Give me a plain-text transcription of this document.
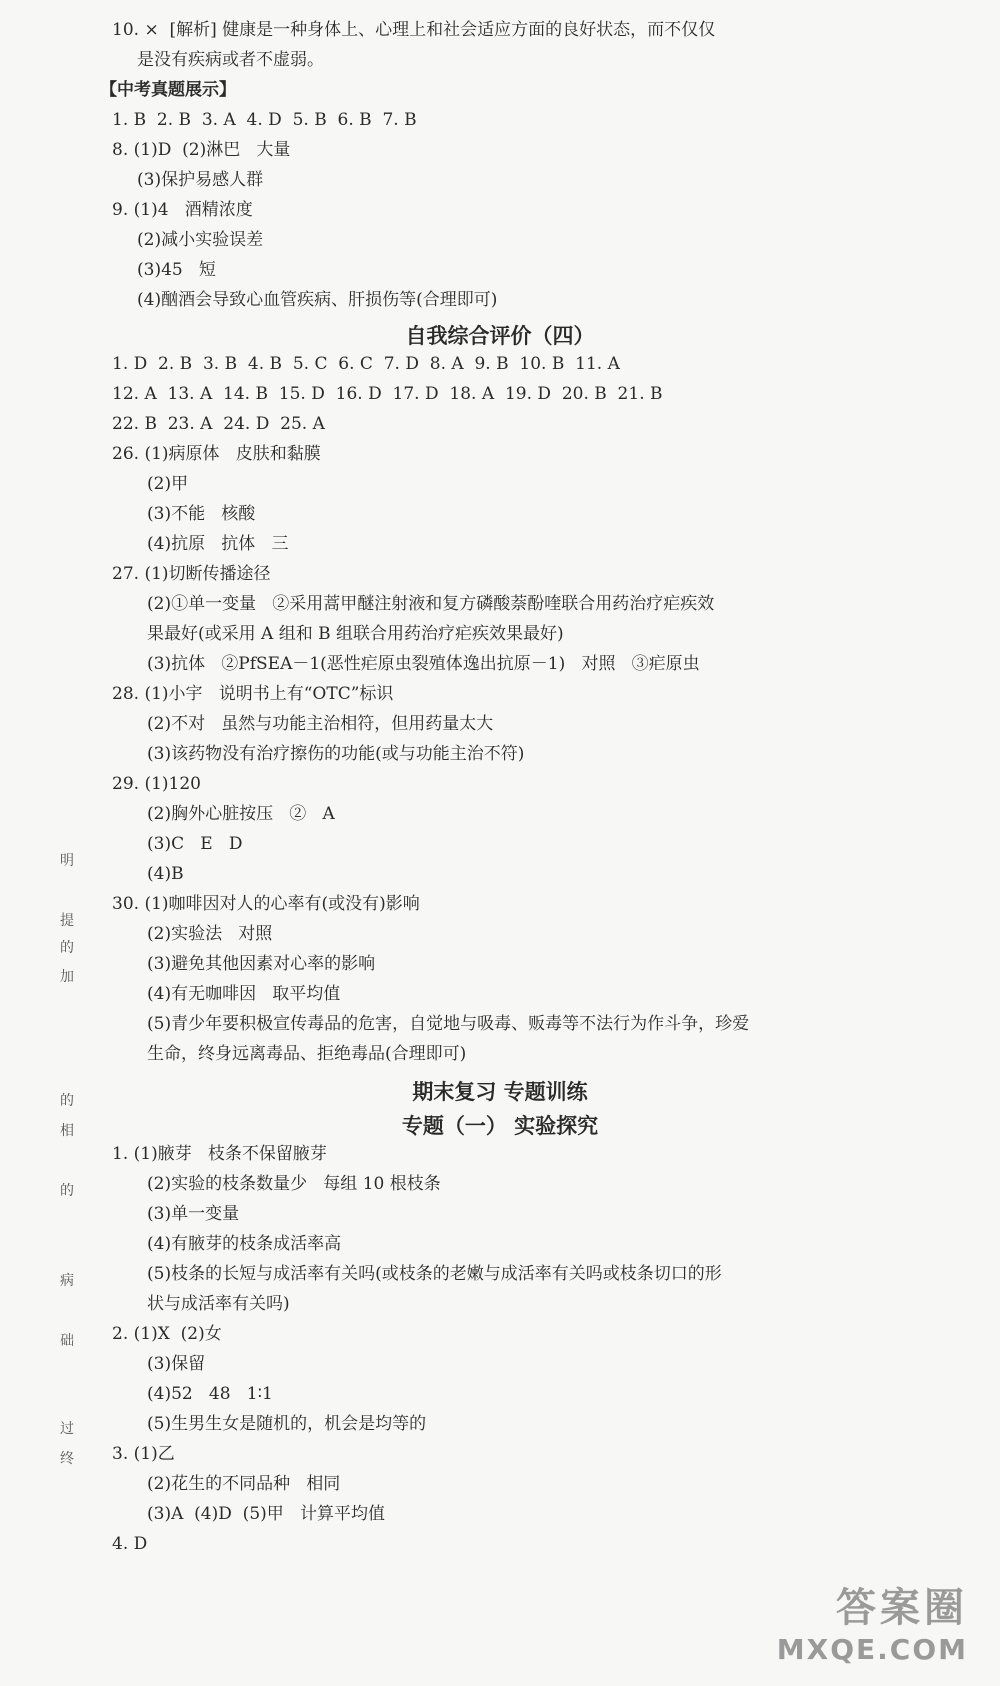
10. ×  [解析] 健康是一种身体上、心理上和社会适应方面的良好状态，而不仅仅
是没有疾病或者不虚弱。
【中考真题展示】
1. B  2. B  3. A  4. D  5. B  6. B  7. B
8. (1)D  (2)淋巴   大量
(3)保护易感人群
9. (1)4   酒精浓度
(2)减小实验误差
(3)45   短
(4)酗酒会导致心血管疾病、肝损伤等(合理即可)
自我综合评价（四）
1. D  2. B  3. B  4. B  5. C  6. C  7. D  8. A  9. B  10. B  11. A
12. A  13. A  14. B  15. D  16. D  17. D  18. A  19. D  20. B  21. B
22. B  23. A  24. D  25. A
26. (1)病原体   皮肤和黏膜
(2)甲
(3)不能   核酸
(4)抗原   抗体   三
27. (1)切断传播途径
(2)①单一变量   ②采用蒿甲醚注射液和复方磷酸萘酚喹联合用药治疗疟疾效
果最好(或采用 A 组和 B 组联合用药治疗疟疾效果最好)
(3)抗体   ②PfSEA－1(恶性疟原虫裂殖体逸出抗原－1)   对照   ③疟原虫
28. (1)小宇   说明书上有“OTC”标识
(2)不对   虽然与功能主治相符，但用药量太大
(3)该药物没有治疗擦伤的功能(或与功能主治不符)
29. (1)120
(2)胸外心脏按压   ②   A
(3)C   E   D
(4)B
30. (1)咖啡因对人的心率有(或没有)影响
(2)实验法   对照
(3)避免其他因素对心率的影响
(4)有无咖啡因   取平均值
(5)青少年要积极宣传毒品的危害，自觉地与吸毒、贩毒等不法行为作斗争，珍爱
生命，终身远离毒品、拒绝毒品(合理即可)
期末复习 专题训练
专题（一） 实验探究
1. (1)腋芽   枝条不保留腋芽
(2)实验的枝条数量少   每组 10 根枝条
(3)单一变量
(4)有腋芽的枝条成活率高
(5)枝条的长短与成活率有关吗(或枝条的老嫩与成活率有关吗或枝条切口的形
状与成活率有关吗)
2. (1)X  (2)女
(3)保留
(4)52   48   1∶1
(5)生男生女是随机的，机会是均等的
3. (1)乙
(2)花生的不同品种   相同
(3)A  (4)D  (5)甲   计算平均值
4. D
明
提
的
加
的
相
的
病
础
过
终
答案圈
MXQE.COM
